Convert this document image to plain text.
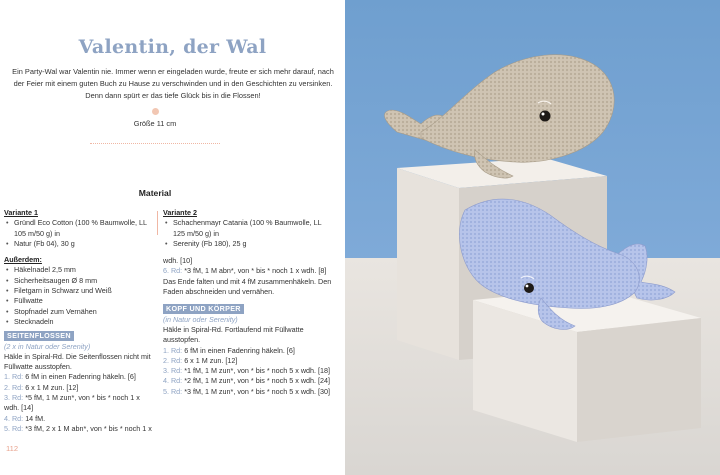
Valentin, der Wal
Ein Party-Wal war Valentin nie. Immer wenn er eingeladen wurde, freute er sich mehr darauf, nach der Feier mit einem guten Buch zu Hause zu verschwinden und in den Geschichten zu versinken. Denn dann spürt er das tiefe Glück bis in die Flossen!
Größe 11 cm
Material
Variante 1
• Gründl Eco Cotton (100 % Baumwolle, LL 105 m/50 g) in
• Natur (Fb 04), 30 g
Außerdem:
• Häkelnadel 2,5 mm
• Sicherheitsaugen Ø 8 mm
• Filetgarn in Schwarz und Weiß
• Füllwatte
• Stopfnadel zum Vernähen
• Stecknadeln
SEITENFLOSSEN
(2 x in Natur oder Serenity)
Häkle in Spiral-Rd. Die Seitenflossen nicht mit Füllwatte ausstopfen.
1. Rd: 6 fM in einen Fadenring häkeln. [6]
2. Rd: 6 x 1 M zun. [12]
3. Rd: *5 fM, 1 M zun*, von * bis * noch 1 x wdh. [14]
4. Rd: 14 fM.
5. Rd: *3 fM, 2 x 1 M abn*, von * bis * noch 1 x
Variante 2
• Schachenmayr Catania (100 % Baumwolle, LL 125 m/50 g) in
• Serenity (Fb 180), 25 g
wdh. [10]
6. Rd: *3 fM, 1 M abn*, von * bis * noch 1 x wdh. [8]
Das Ende falten und mit 4 fM zusammenhäkeln. Den Faden abschneiden und vernähen.
KOPF UND KÖRPER
(in Natur oder Serenity)
Häkle in Spiral-Rd. Fortlaufend mit Füllwatte ausstopfen.
1. Rd: 6 fM in einen Fadenring häkeln. [6]
2. Rd: 6 x 1 M zun. [12]
3. Rd: *1 fM, 1 M zun*, von * bis * noch 5 x wdh. [18]
4. Rd: *2 fM, 1 M zun*, von * bis * noch 5 x wdh. [24]
5. Rd: *3 fM, 1 M zun*, von * bis * noch 5 x wdh. [30]
112
